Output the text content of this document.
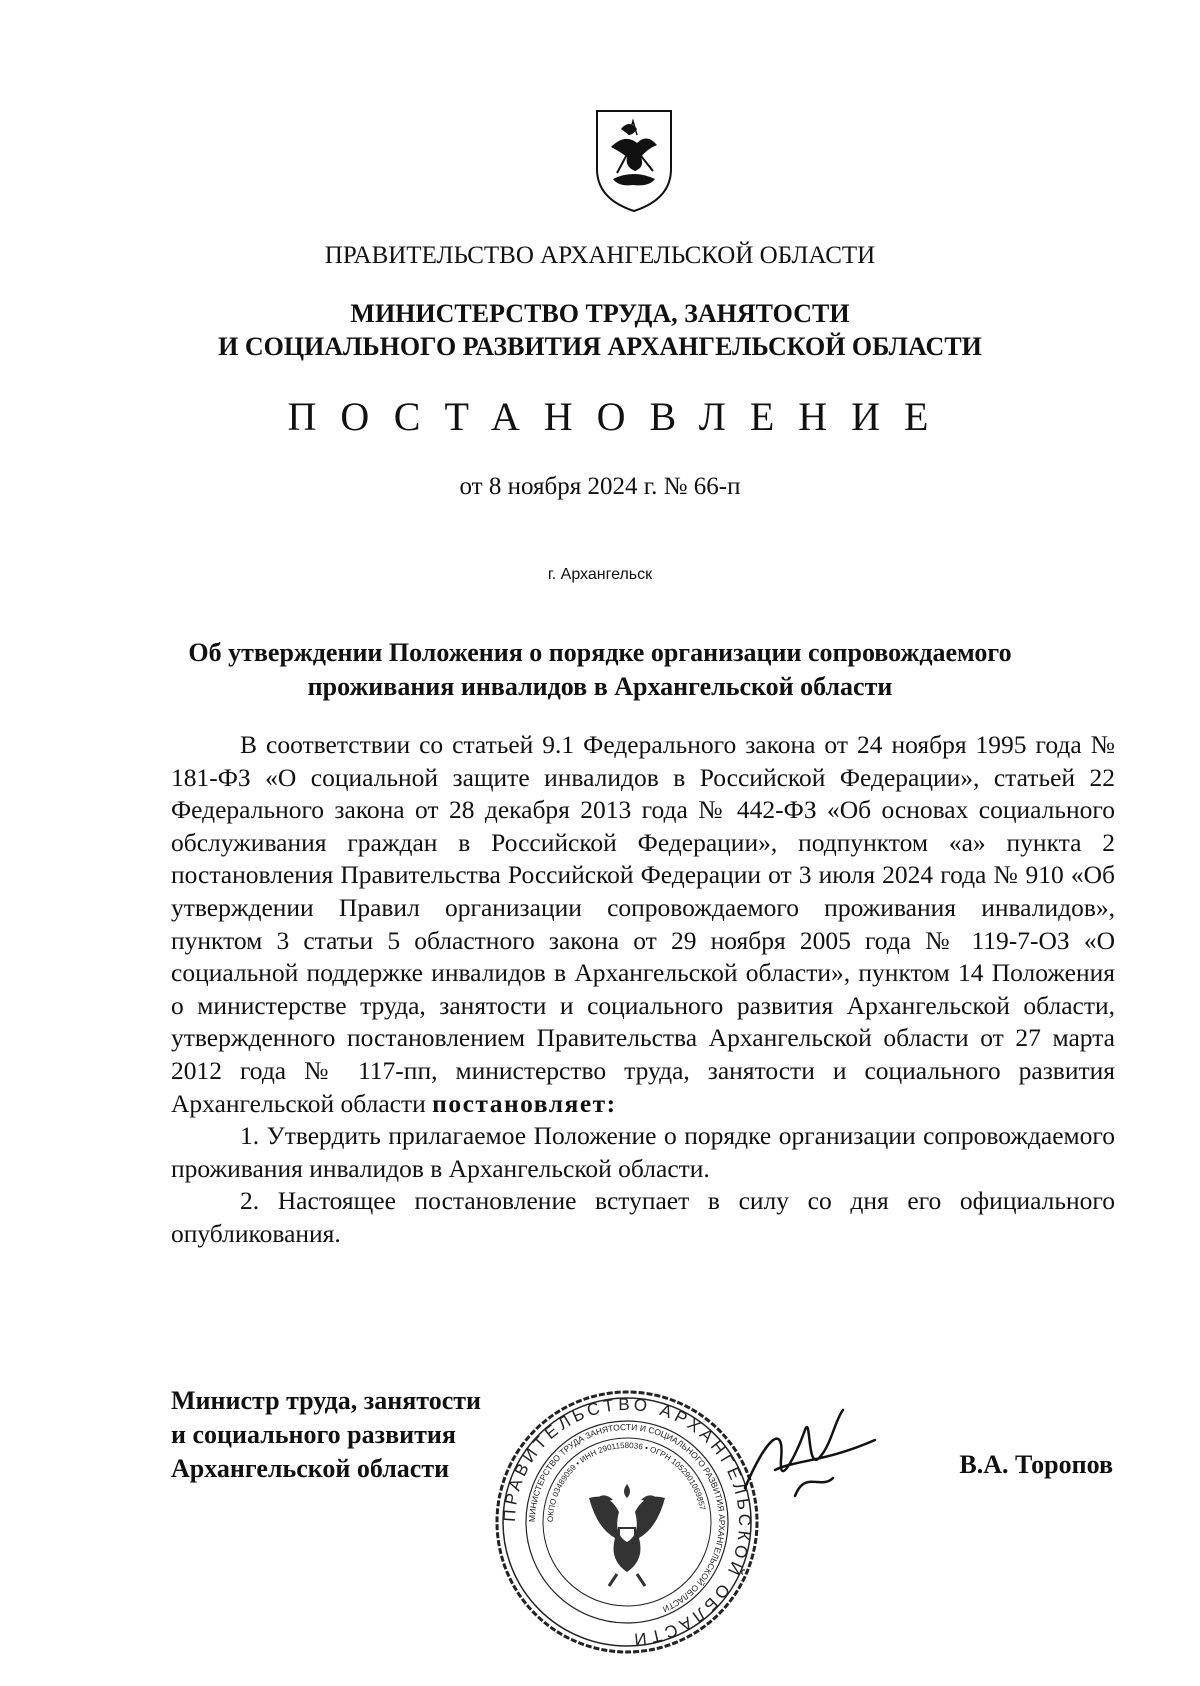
ПРАВИТЕЛЬСТВО АРХАНГЕЛЬСКОЙ ОБЛАСТИ
МИНИСТЕРСТВО ТРУДА, ЗАНЯТОСТИ
И СОЦИАЛЬНОГО РАЗВИТИЯ АРХАНГЕЛЬСКОЙ ОБЛАСТИ
ПОСТАНОВЛЕНИЕ
от 8 ноября 2024 г. № 66-п
г. Архангельск
Об утверждении Положения о порядке организации сопровождаемого
проживания инвалидов в Архангельской области

В соответствии со статьей 9.1 Федерального закона от 24 ноября 1995 года № 181-ФЗ «О социальной защите инвалидов в Российской Федерации», статьей 22 Федерального закона от 28 декабря 2013 года № 442-ФЗ «Об основах социального обслуживания граждан в Российской Федерации», подпунктом «а» пункта 2 постановления Правительства Российской Федерации от 3 июля 2024 года № 910 «Об утверждении Правил организации сопровождаемого проживания инвалидов», пунктом 3 статьи 5 областного закона от 29 ноября 2005 года № 119-7-ОЗ «О социальной поддержке инвалидов в Архангельской области», пунктом 14 Положения о министерстве труда, занятости и социального развития Архангельской области, утвержденного постановлением Правительства Архангельской области от 27 марта 2012 года № 117-пп, министерство труда, занятости и социального развития Архангельской области постановляет:

1. Утвердить прилагаемое Положение о порядке организации сопровождаемого проживания инвалидов в Архангельской области.

2. Настоящее постановление вступает в силу со дня его официального опубликования.

Министр труда, занятости
и социального развития
Архангельской области
ПРАВИТЕЛЬСТВО АРХАНГЕЛЬСКОЙ ОБЛАСТИ
МИНИСТЕРСТВО ТРУДА ЗАНЯТОСТИ И СОЦИАЛЬНОГО РАЗВИТИЯ АРХАНГЕЛЬСКОЙ ОБЛАСТИ
ОКПО 03489059 • ИНН 2901158036 • ОГРН 1052901069857
В.А. Торопов
